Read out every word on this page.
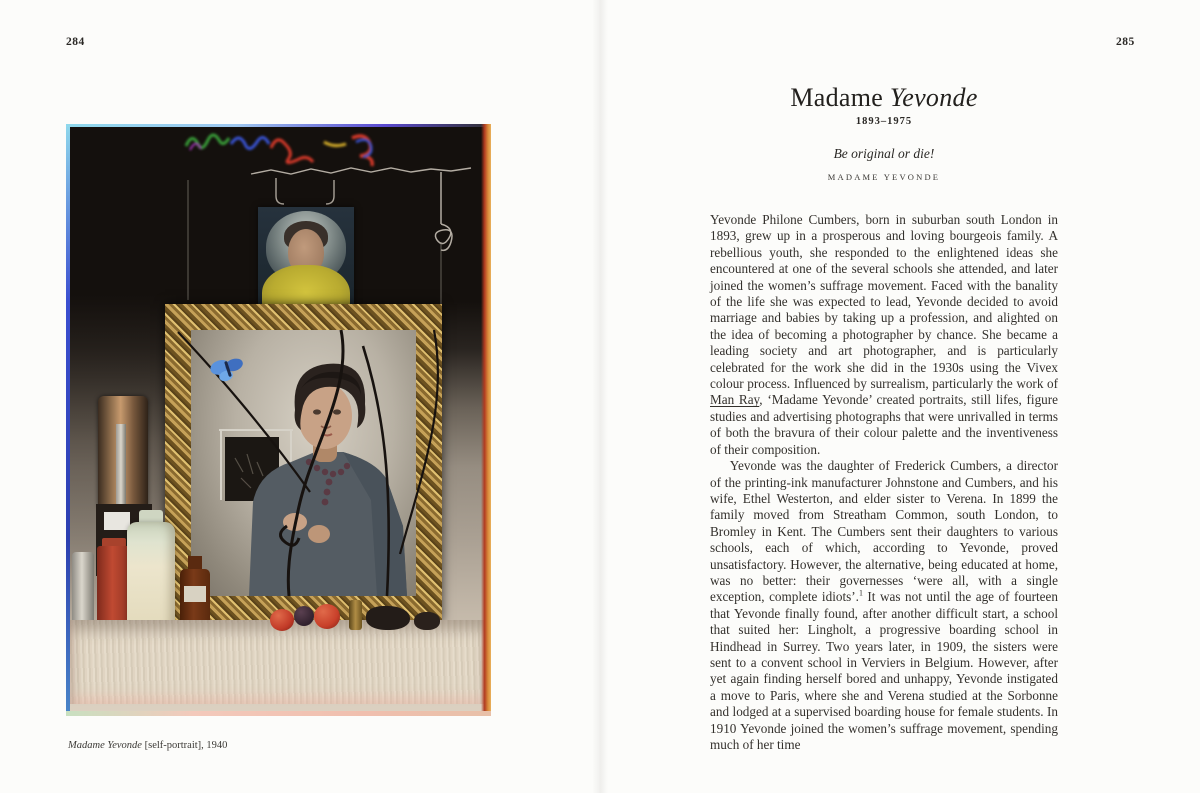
284
Madame Yevonde [self-portrait], 1940
285
Madame Yevonde
1893–1975
Be original or die!
MADAME YEVONDE

Yevonde Philone Cumbers, born in suburban south London in 1893, grew up in a prosperous and loving bourgeois family. A rebellious youth, she responded to the enlightened ideas she encountered at one of the several schools she attended, and later joined the women’s suffrage movement. Faced with the banality of the life she was expected to lead, Yevonde decided to avoid marriage and babies by taking up a profession, and alighted on the idea of becoming a photographer by chance. She became a leading society and art photographer, and is particularly celebrated for the work she did in the 1930s using the Vivex colour process. Influenced by surrealism, particularly the work of Man Ray, ‘Madame Yevonde’ created portraits, still lifes, figure studies and advertising photographs that were unrivalled in terms of both the bravura of their colour palette and the inventiveness of their composition.

Yevonde was the daughter of Frederick Cumbers, a director of the printing-ink manufacturer Johnstone and Cumbers, and his wife, Ethel Westerton, and elder sister to Verena. In 1899 the family moved from Streatham Common, south London, to Bromley in Kent. The Cumbers sent their daughters to various schools, each of which, according to Yevonde, proved unsatisfactory. However, the alternative, being educated at home, was no better: their governesses ‘were all, with a single exception, complete idiots’.$^1$ It was not until the age of fourteen that Yevonde finally found, after another difficult start, a school that suited her: Lingholt, a progressive boarding school in Hindhead in Surrey. Two years later, in 1909, the sisters were sent to a convent school in Verviers in Belgium. However, after yet again finding herself bored and unhappy, Yevonde instigated a move to Paris, where she and Verena studied at the Sorbonne and lodged at a supervised boarding house for female students. In 1910 Yevonde joined the women’s suffrage movement, spending much of her time
